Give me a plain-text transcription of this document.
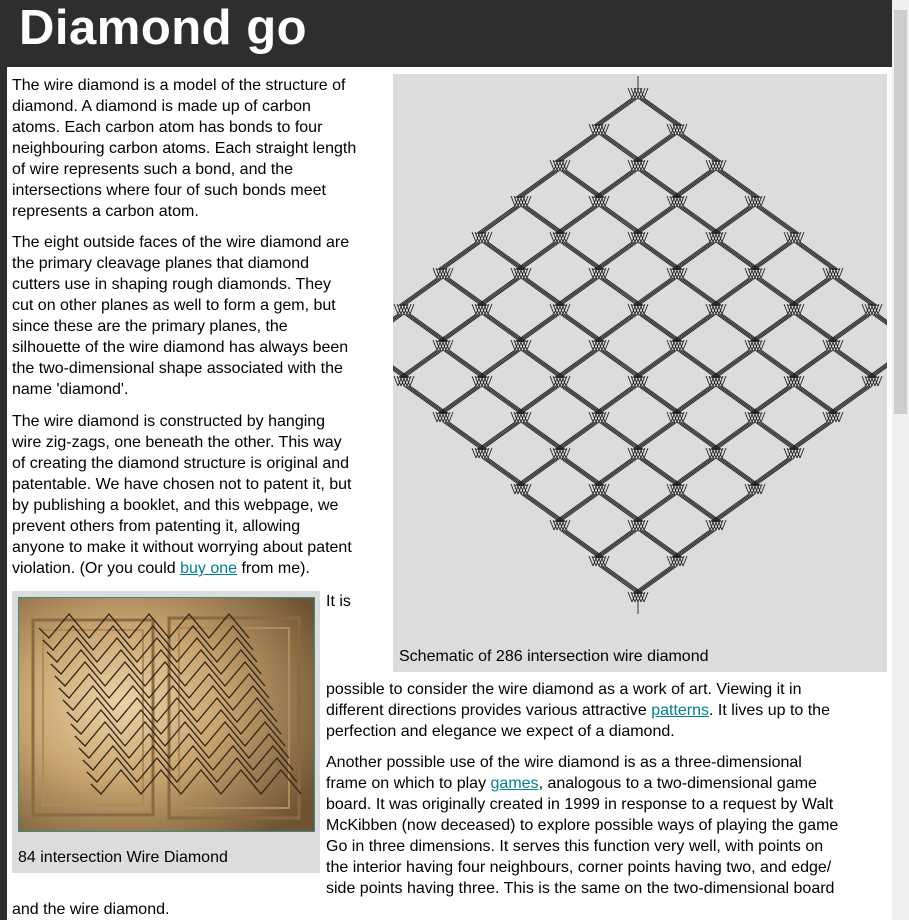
Diamond go
The wire diamond is a model of the structure of
diamond. A diamond is made up of carbon
atoms. Each carbon atom has bonds to four
neighbouring carbon atoms. Each straight length
of wire represents such a bond, and the
intersections where four of such bonds meet
represents a carbon atom.
The eight outside faces of the wire diamond are
the primary cleavage planes that diamond
cutters use in shaping rough diamonds. They
cut on other planes as well to form a gem, but
since these are the primary planes, the
silhouette of the wire diamond has always been
the two-dimensional shape associated with the
name 'diamond'.
The wire diamond is constructed by hanging
wire zig-zags, one beneath the other. This way
of creating the diamond structure is original and
patentable. We have chosen not to patent it, but
by publishing a booklet, and this webpage, we
prevent others from patenting it, allowing
anyone to make it without worrying about patent
violation. (Or you could buy one from me).
Schematic of 286 intersection wire diamond
84 intersection Wire Diamond
It is
possible to consider the wire diamond as a work of art. Viewing it in
different directions provides various attractive patterns. It lives up to the
perfection and elegance we expect of a diamond.
Another possible use of the wire diamond is as a three-dimensional
frame on which to play games, analogous to a two-dimensional game
board. It was originally created in 1999 in response to a request by Walt
McKibben (now deceased) to explore possible ways of playing the game
Go in three dimensions. It serves this function very well, with points on
the interior having four neighbours, corner points having two, and edge/
side points having three. This is the same on the two-dimensional board
and the wire diamond.
